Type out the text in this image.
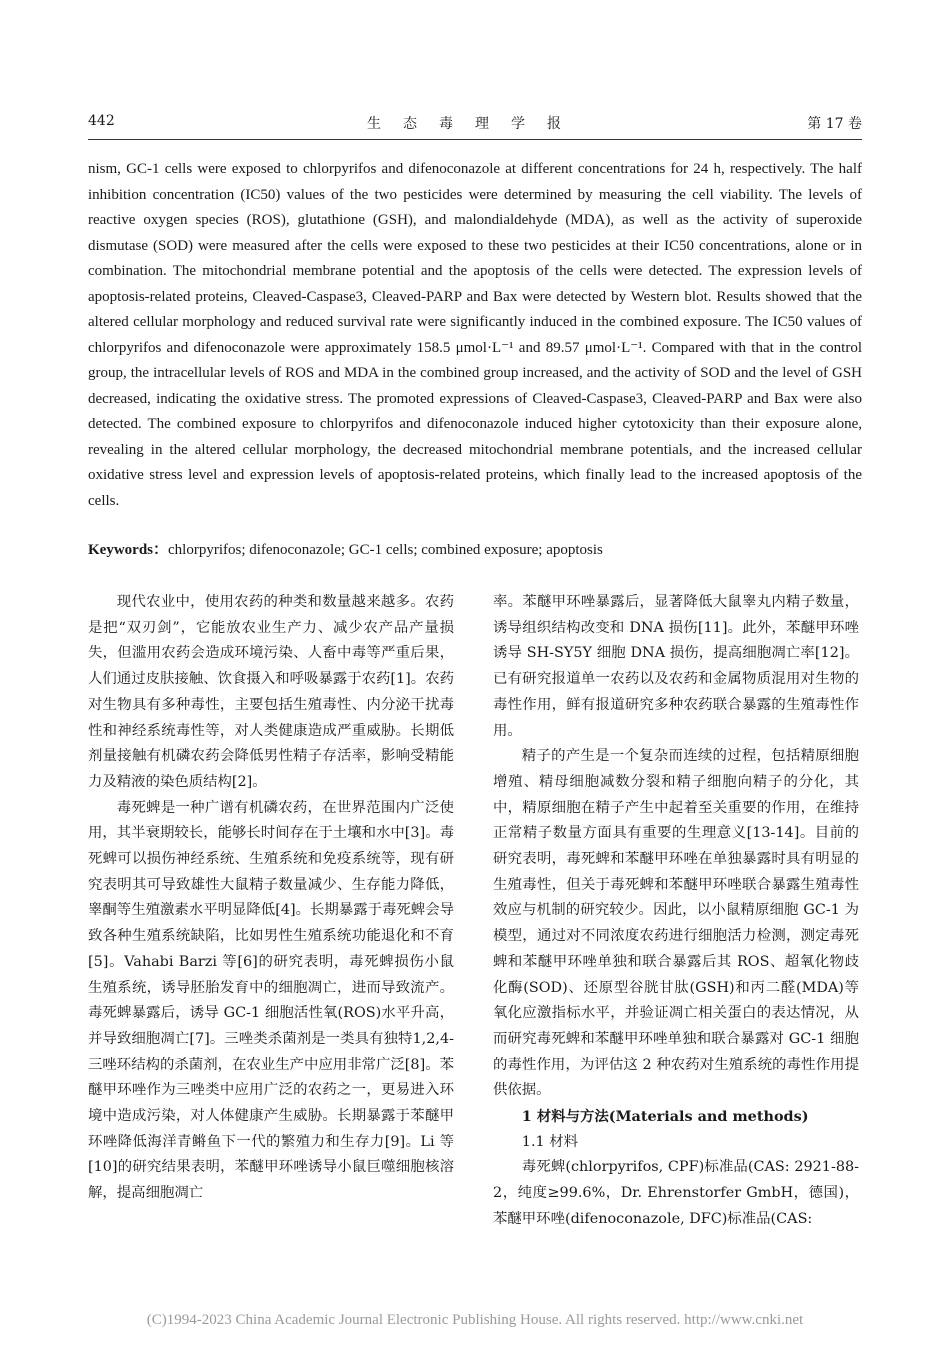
442	生态毒理学报	第 17 卷

nism, GC-1 cells were exposed to chlorpyrifos and difenoconazole at different concentrations for 24 h, respectively. The half inhibition concentration (IC50) values of the two pesticides were determined by measuring the cell viability. The levels of reactive oxygen species (ROS), glutathione (GSH), and malondialdehyde (MDA), as well as the activity of superoxide dismutase (SOD) were measured after the cells were exposed to these two pesticides at their IC50 concentrations, alone or in combination. The mitochondrial membrane potential and the apoptosis of the cells were detected. The expression levels of apoptosis-related proteins, Cleaved-Caspase3, Cleaved-PARP and Bax were detected by Western blot. Results showed that the altered cellular morphology and reduced survival rate were significantly induced in the combined exposure. The IC50 values of chlorpyrifos and difenoconazole were approximately 158.5 μmol·L⁻¹ and 89.57 μmol·L⁻¹. Compared with that in the control group, the intracellular levels of ROS and MDA in the combined group increased, and the activity of SOD and the level of GSH decreased, indicating the oxidative stress. The promoted expressions of Cleaved-Caspase3, Cleaved-PARP and Bax were also detected. The combined exposure to chlorpyrifos and difenoconazole induced higher cytotoxicity than their exposure alone, revealing in the altered cellular morphology, the decreased mitochondrial membrane potentials, and the increased cellular oxidative stress level and expression levels of apoptosis-related proteins, which finally lead to the increased apoptosis of the cells.

Keywords：chlorpyrifos; difenoconazole; GC-1 cells; combined exposure; apoptosis

现代农业中，使用农药的种类和数量越来越多。农药是把“双刃剑”，它能放农业生产力、减少农产品产量损失，但滥用农药会造成环境污染、人畜中毒等严重后果，人们通过皮肤接触、饮食摄入和呼吸暴露于农药[1]。农药对生物具有多种毒性，主要包括生殖毒性、内分泌干扰毒性和神经系统毒性等，对人类健康造成严重威胁。长期低剂量接触有机磷农药会降低男性精子存活率，影响受精能力及精液的染色质结构[2]。

毒死蜱是一种广谱有机磷农药，在世界范围内广泛使用，其半衰期较长，能够长时间存在于土壤和水中[3]。毒死蜱可以损伤神经系统、生殖系统和免疫系统等，现有研究表明其可导致雄性大鼠精子数量减少、生存能力降低，睾酮等生殖激素水平明显降低[4]。长期暴露于毒死蜱会导致各种生殖系统缺陷，比如男性生殖系统功能退化和不育[5]。Vahabi Barzi 等[6]的研究表明，毒死蜱损伤小鼠生殖系统，诱导胚胎发育中的细胞凋亡，进而导致流产。毒死蜱暴露后，诱导 GC-1 细胞活性氧(ROS)水平升高，并导致细胞凋亡[7]。三唑类杀菌剂是一类具有独特1,2,4-三唑环结构的杀菌剂，在农业生产中应用非常广泛[8]。苯醚甲环唑作为三唑类中应用广泛的农药之一，更易进入环境中造成污染，对人体健康产生威胁。长期暴露于苯醚甲环唑降低海洋青鳉鱼下一代的繁殖力和生存力[9]。Li 等[10]的研究结果表明，苯醚甲环唑诱导小鼠巨噬细胞核溶解，提高细胞凋亡

率。苯醚甲环唑暴露后，显著降低大鼠睾丸内精子数量，诱导组织结构改变和 DNA 损伤[11]。此外，苯醚甲环唑诱导 SH-SY5Y 细胞 DNA 损伤，提高细胞凋亡率[12]。已有研究报道单一农药以及农药和金属物质混用对生物的毒性作用，鲜有报道研究多种农药联合暴露的生殖毒性作用。

精子的产生是一个复杂而连续的过程，包括精原细胞增殖、精母细胞减数分裂和精子细胞向精子的分化，其中，精原细胞在精子产生中起着至关重要的作用，在维持正常精子数量方面具有重要的生理意义[13-14]。目前的研究表明，毒死蜱和苯醚甲环唑在单独暴露时具有明显的生殖毒性，但关于毒死蜱和苯醚甲环唑联合暴露生殖毒性效应与机制的研究较少。因此，以小鼠精原细胞 GC-1 为模型，通过对不同浓度农药进行细胞活力检测，测定毒死蜱和苯醚甲环唑单独和联合暴露后其 ROS、超氧化物歧化酶(SOD)、还原型谷胱甘肽(GSH)和丙二醛(MDA)等氧化应激指标水平，并验证凋亡相关蛋白的表达情况，从而研究毒死蜱和苯醚甲环唑单独和联合暴露对 GC-1 细胞的毒性作用，为评估这 2 种农药对生殖系统的毒性作用提供依据。

1 材料与方法(Materials and methods)

1.1 材料

毒死蜱(chlorpyrifos, CPF)标准品(CAS: 2921-88-2，纯度≥99.6%，Dr. Ehrenstorfer GmbH，德国)，苯醚甲环唑(difenoconazole, DFC)标准品(CAS:

(C)1994-2023 China Academic Journal Electronic Publishing House. All rights reserved. http://www.cnki.net
